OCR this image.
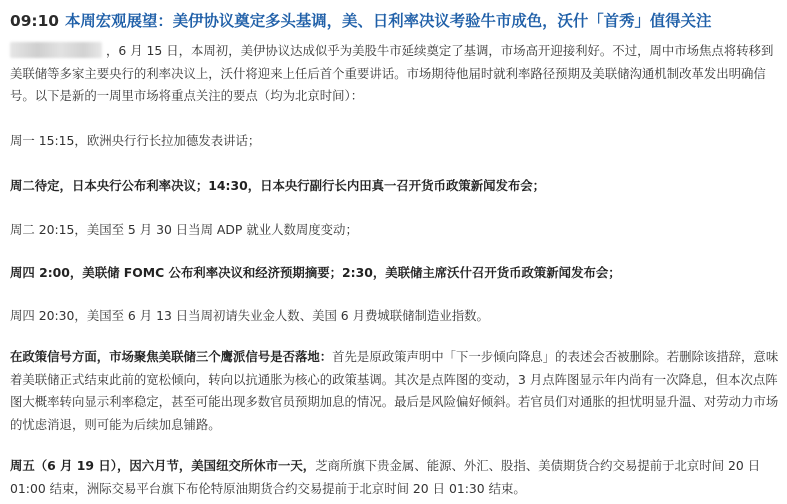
09:10 本周宏观展望：美伊协议奠定多头基调，美、日利率决议考验牛市成色，沃什「首秀」值得关注

，6 月 15 日，本周初，美伊协议达成似乎为美股牛市延续奠定了基调，市场高开迎接利好。不过，周中市场焦点将转移到美联储等多家主要央行的利率决议上，沃什将迎来上任后首个重要讲话。市场期待他届时就利率路径预期及美联储沟通机制改革发出明确信号。以下是新的一周里市场将重点关注的要点（均为北京时间）：

周一 15:15，欧洲央行行长拉加德发表讲话；

周二待定，日本央行公布利率决议；14:30，日本央行副行长内田真一召开货币政策新闻发布会；

周二 20:15，美国至 5 月 30 日当周 ADP 就业人数周度变动；

周四 2:00，美联储 FOMC 公布利率决议和经济预期摘要；2:30，美联储主席沃什召开货币政策新闻发布会；

周四 20:30，美国至 6 月 13 日当周初请失业金人数、美国 6 月费城联储制造业指数。

在政策信号方面，市场聚焦美联储三个鹰派信号是否落地：首先是原政策声明中「下一步倾向降息」的表述会否被删除。若删除该措辞，意味着美联储正式结束此前的宽松倾向，转向以抗通胀为核心的政策基调。其次是点阵图的变动，3 月点阵图显示年内尚有一次降息，但本次点阵图大概率转向显示利率稳定，甚至可能出现多数官员预期加息的情况。最后是风险偏好倾斜。若官员们对通胀的担忧明显升温、对劳动力市场的忧虑消退，则可能为后续加息铺路。

周五（6 月 19 日），因六月节，美国纽交所休市一天，芝商所旗下贵金属、能源、外汇、股指、美债期货合约交易提前于北京时间 20 日 01:00 结束，洲际交易平台旗下布伦特原油期货合约交易提前于北京时间 20 日 01:30 结束。
